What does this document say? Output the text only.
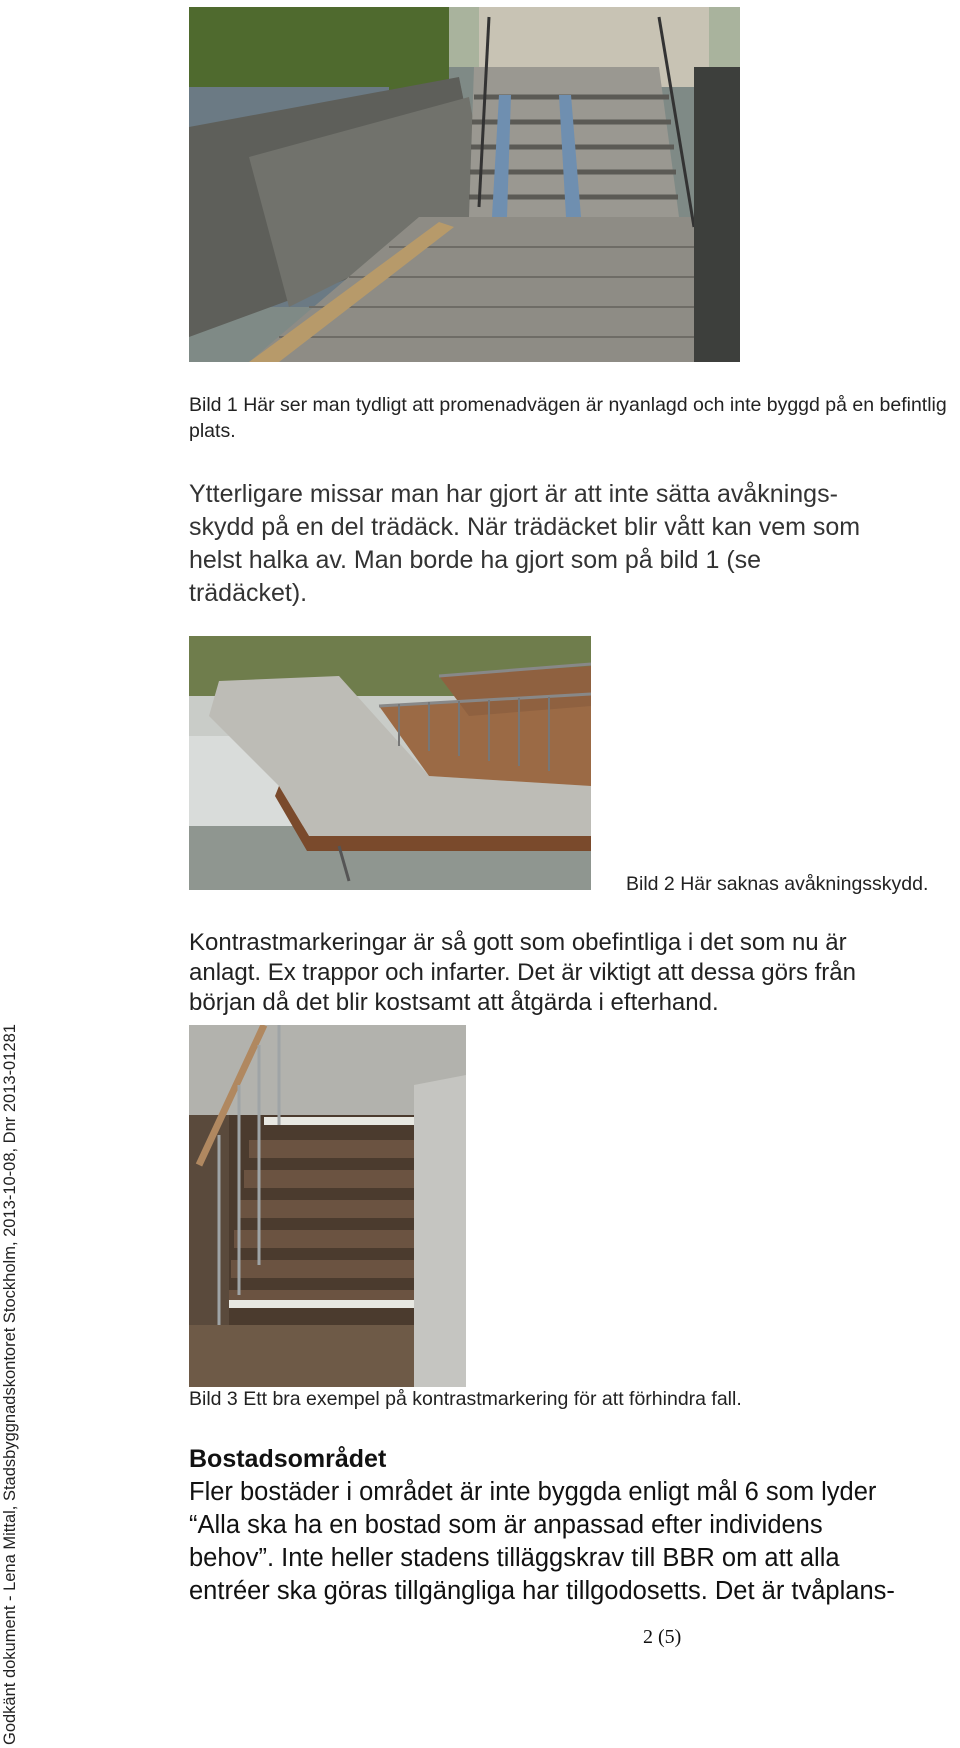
Godkänt dokument - Lena Mittal, Stadsbyggnadskontoret Stockholm, 2013-10-08, Dnr 2013-01281
Bild 1 Här ser man tydligt att promenadvägen är nyanlagd och inte byggd på en befintlig plats.
Ytterligare missar man har gjort är att inte sätta avåknings-
skydd på en del trädäck. När trädäcket blir vått kan vem som
helst halka av. Man borde ha gjort som på bild 1 (se
trädäcket).
Bild 2 Här saknas avåkningsskydd.
Kontrastmarkeringar är så gott som obefintliga i det som nu är
anlagt. Ex trappor och infarter. Det är viktigt att dessa görs från
början då det blir kostsamt att åtgärda i efterhand.
Bild 3 Ett bra exempel på kontrastmarkering för att förhindra fall.
Bostadsområdet
Fler bostäder i området är inte byggda enligt mål 6 som lyder
“Alla ska ha en bostad som är anpassad efter individens
behov”. Inte heller stadens tilläggskrav till BBR om att alla
entréer ska göras tillgängliga har tillgodosetts. Det är tvåplans-
2 (5)
